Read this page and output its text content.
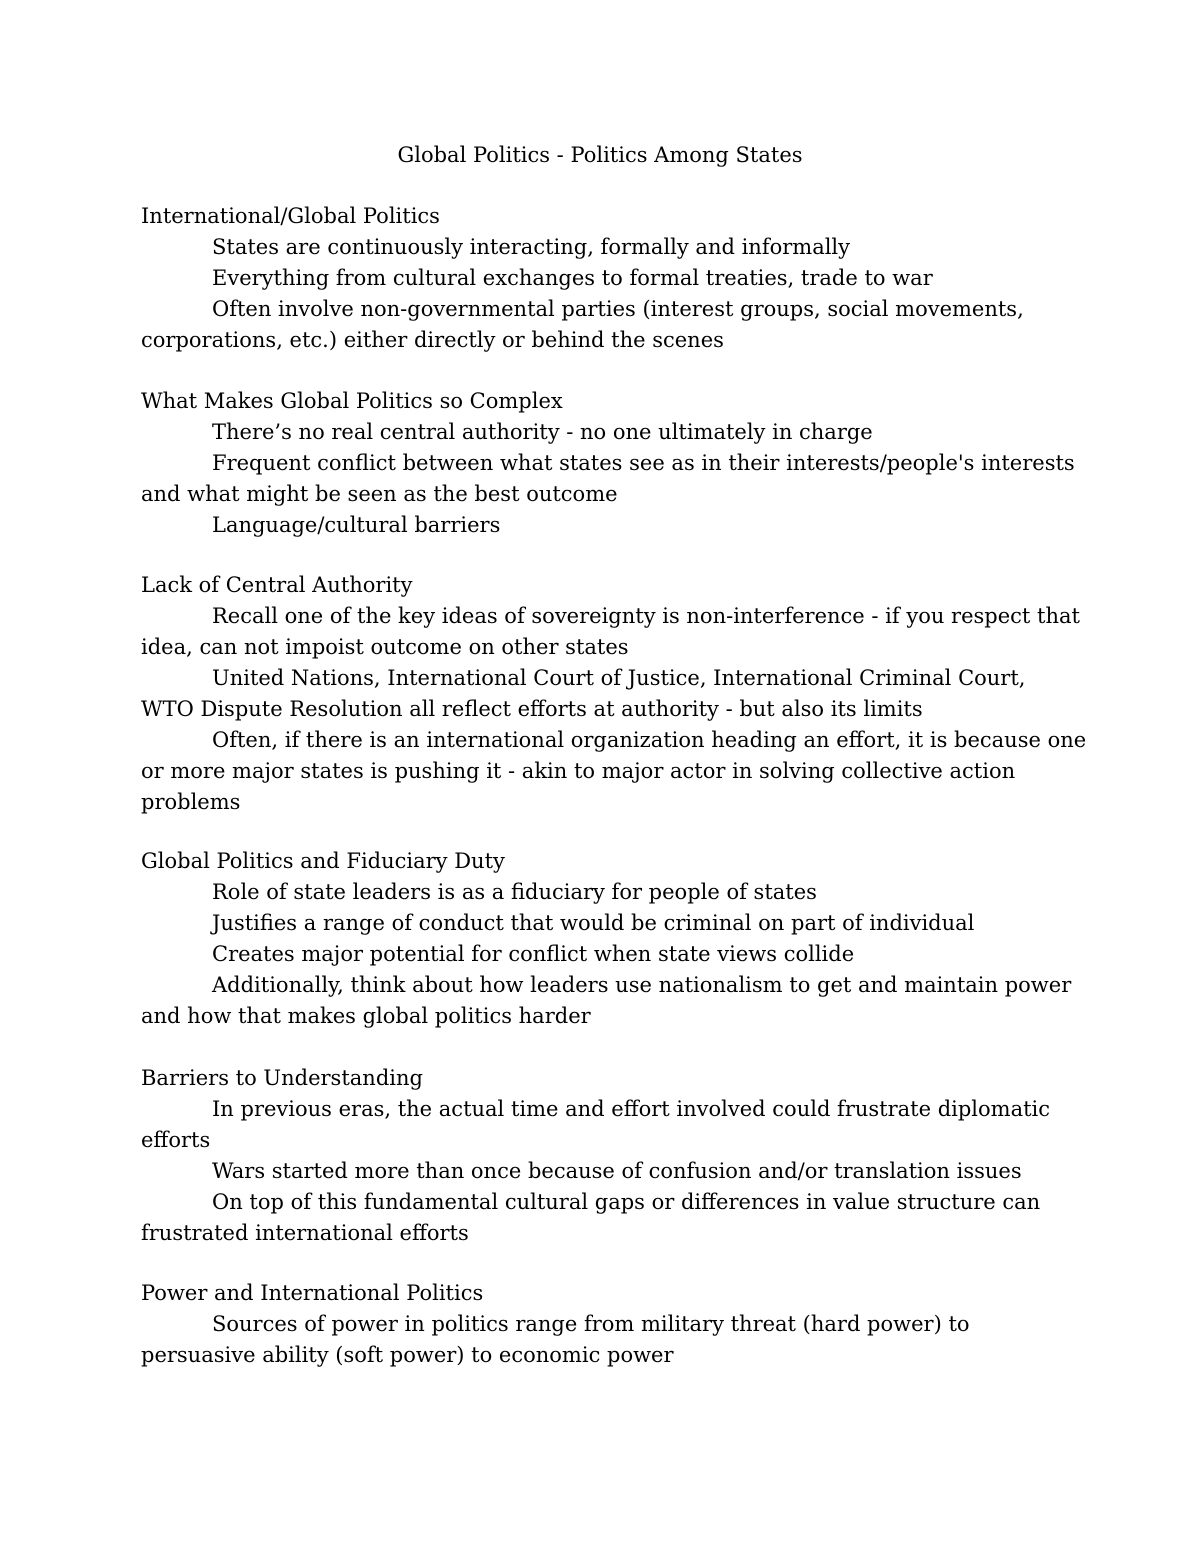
Global Politics - Politics Among States
International/Global Politics

States are continuously interacting, formally and informally

Everything from cultural exchanges to formal treaties, trade to war

Often involve non-governmental parties (interest groups, social movements,
corporations, etc.) either directly or behind the scenes

What Makes Global Politics so Complex

There’s no real central authority - no one ultimately in charge

Frequent conflict between what states see as in their interests/people's interests
and what might be seen as the best outcome

Language/cultural barriers

Lack of Central Authority

Recall one of the key ideas of sovereignty is non-interference - if you respect that
idea, can not impoist outcome on other states

United Nations, International Court of Justice, International Criminal Court,
WTO Dispute Resolution all reflect efforts at authority - but also its limits

Often, if there is an international organization heading an effort, it is because one
or more major states is pushing it - akin to major actor in solving collective action
problems

Global Politics and Fiduciary Duty

Role of state leaders is as a fiduciary for people of states

Justifies a range of conduct that would be criminal on part of individual

Creates major potential for conflict when state views collide

Additionally, think about how leaders use nationalism to get and maintain power
and how that makes global politics harder

Barriers to Understanding

In previous eras, the actual time and effort involved could frustrate diplomatic
efforts

Wars started more than once because of confusion and/or translation issues

On top of this fundamental cultural gaps or differences in value structure can
frustrated international efforts

Power and International Politics

Sources of power in politics range from military threat (hard power) to
persuasive ability (soft power) to economic power
